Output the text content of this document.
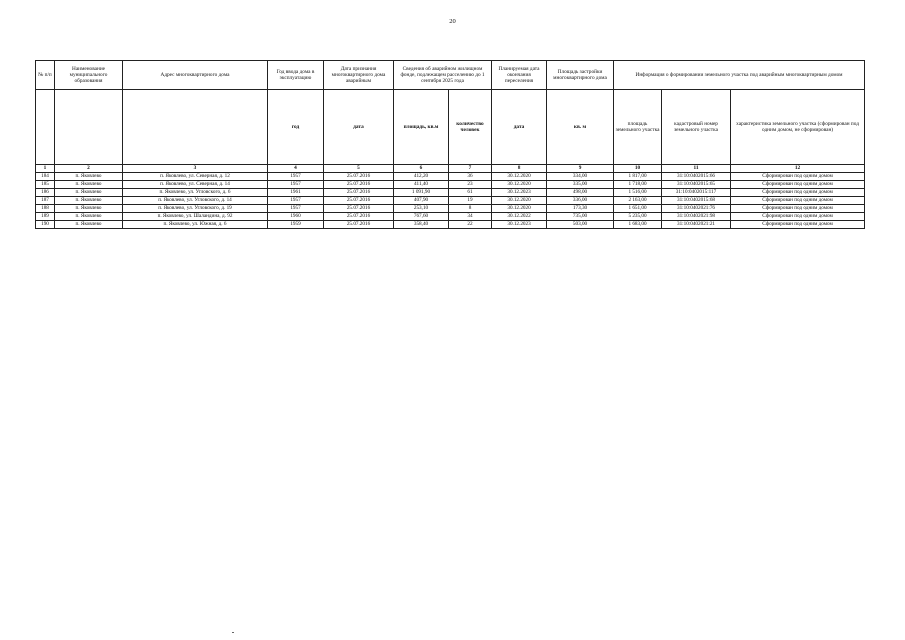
20
№ п/п	Наименование муниципального образования	Адрес многоквартирного дома	Год ввода дома в эксплуатацию	Дата признания многоквартирного дома аварийным	Сведения об аварийном жилищном фонде, подлежащем расселению до 1 сентября 2025 года		Планируемая дата окончания переселения	Площадь застройки многоквартирного дома	Информация о формировании земельного участка под аварийным многоквартирным домом		
									площадь земельного участка	кадастровый номер земельного участка	характеристика земельного участка (сформирован под одним домом, не сформирован)
			год	дата	площадь, кв.м	количество человек	дата	кв. м			
1	2	3	4	5	6	7	8	9	10	11	12
184	п. Яковлево	п. Яковлево, ул. Северная, д. 12	1957	25.07.2016	412,20	36	30.12.2020	334,00	1 817,00	31:10:0402015:66	Сформирован под одним домом
185	п. Яковлево	п. Яковлево, ул. Северная, д. 14	1957	25.07.2016	411,40	23	30.12.2020	335,00	1 718,00	31:10:0402015:65	Сформирован под одним домом
186	п. Яковлево	п. Яковлево, ул. Угловского, д. 6	1961	25.07.2016	1 091,90	61	30.12.2023	498,00	1 516,00	31:10:0402015:117	Сформирован под одним домом
187	п. Яковлево	п. Яковлево, ул. Угловского, д. 14	1957	25.07.2016	407,90	19	30.12.2020	336,00	2 163,00	31:10:0402015:68	Сформирован под одним домом
188	п. Яковлево	п. Яковлево, ул. Угловского, д. 19	1957	25.07.2016	253,10	8	30.12.2020	173,30	1 651,00	31:10:0402021:76	Сформирован под одним домом
189	п. Яковлево	п. Яковлево, ул. Шаландина, д. 92	1960	25.07.2016	767,60	34	30.12.2022	735,00	5 235,00	31:10:0402021:98	Сформирован под одним домом
190	п. Яковлево	п. Яковлево, ул. Южная, д. 6	1959	25.07.2016	358,40	22	30.12.2023	503,00	1 683,00	31:10:0402021:21	Сформирован под одним домом
